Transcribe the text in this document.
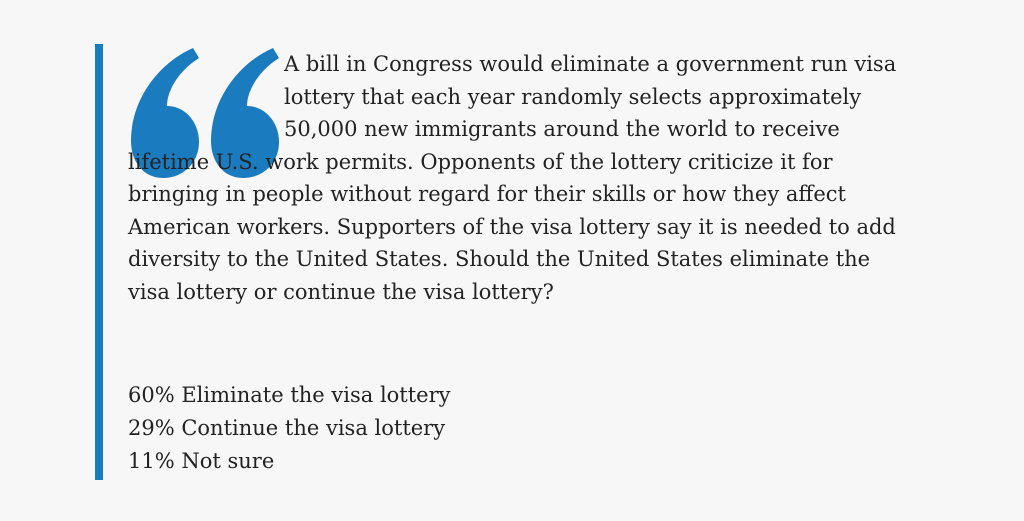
A bill in Congress would eliminate a government run visa lottery that each year randomly selects approximately 50,000 new immigrants around the world to receive lifetime U.S. work permits. Opponents of the lottery criticize it for bringing in people without regard for their skills or how they affect American workers. Supporters of the visa lottery say it is needed to add diversity to the United States. Should the United States eliminate the visa lottery or continue the visa lottery?

60% Eliminate the visa lottery
29% Continue the visa lottery
11% Not sure
